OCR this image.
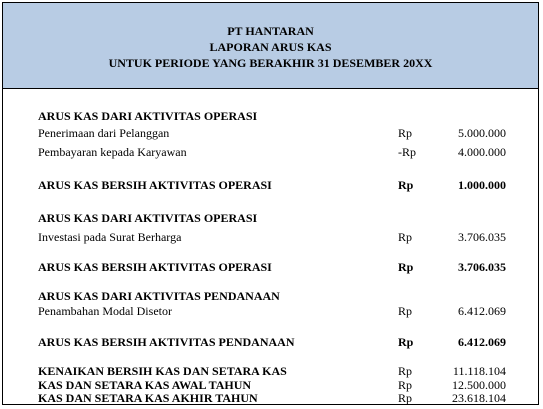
PT HANTARAN
LAPORAN ARUS KAS
UNTUK PERIODE YANG BERAKHIR 31 DESEMBER 20XX
ARUS KAS DARI AKTIVITAS OPERASI
Penerimaan dari Pelanggan	Rp	5.000.000
Pembayaran kepada Karyawan	-Rp	4.000.000
ARUS KAS BERSIH AKTIVITAS OPERASI	Rp	1.000.000
ARUS KAS DARI AKTIVITAS OPERASI
Investasi pada Surat Berharga	Rp	3.706.035
ARUS KAS BERSIH AKTIVITAS OPERASI	Rp	3.706.035
ARUS KAS DARI AKTIVITAS PENDANAAN
Penambahan Modal Disetor	Rp	6.412.069
ARUS KAS BERSIH AKTIVITAS PENDANAAN	Rp	6.412.069
KENAIKAN BERSIH KAS DAN SETARA KAS	Rp	11.118.104
KAS DAN SETARA KAS AWAL TAHUN	Rp	12.500.000
KAS DAN SETARA KAS AKHIR TAHUN	Rp	23.618.104
